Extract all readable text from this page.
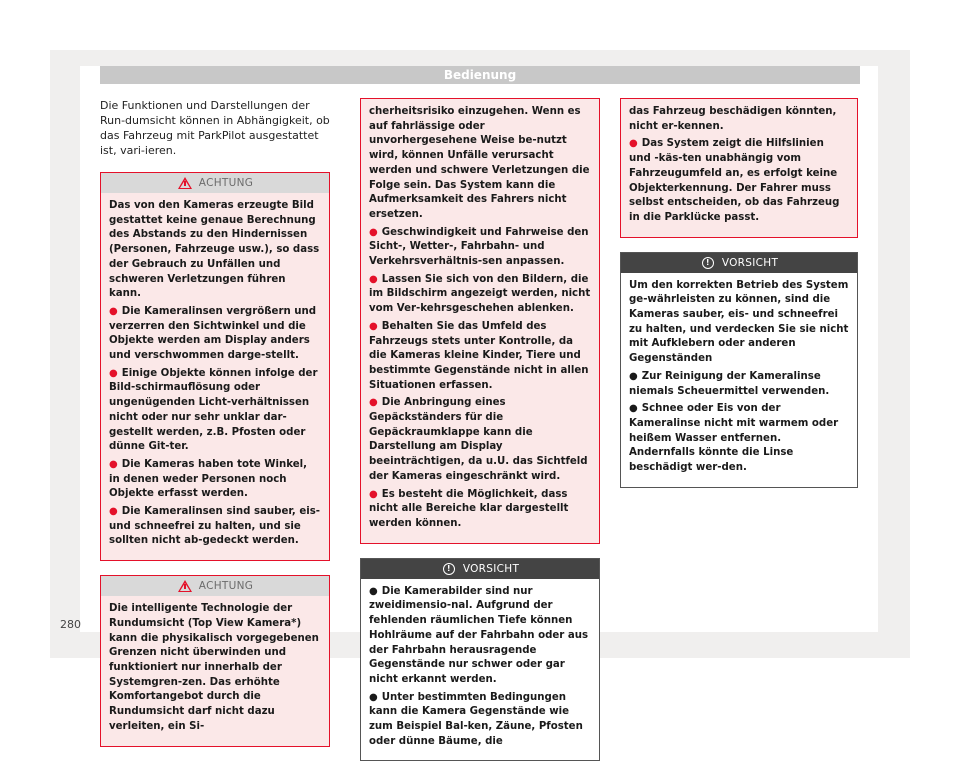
Bedienung

Die Funktionen und Darstellungen der Run-dumsicht können in Abhängigkeit, ob das Fahrzeug mit ParkPilot ausgestattet ist, vari-ieren.

ACHTUNG

Das von den Kameras erzeugte Bild gestattet keine genaue Berechnung des Abstands zu den Hindernissen (Personen, Fahrzeuge usw.), so dass der Gebrauch zu Unfällen und schweren Verletzungen führen kann.

● Die Kameralinsen vergrößern und verzerren den Sichtwinkel und die Objekte werden am Display anders und verschwommen darge-stellt.

● Einige Objekte können infolge der Bild-schirmauflösung oder ungenügenden Licht-verhältnissen nicht oder nur sehr unklar dar-gestellt werden, z.B. Pfosten oder dünne Git-ter.

● Die Kameras haben tote Winkel, in denen weder Personen noch Objekte erfasst werden.

● Die Kameralinsen sind sauber, eis- und schneefrei zu halten, und sie sollten nicht ab-gedeckt werden.

ACHTUNG

Die intelligente Technologie der Rundumsicht (Top View Kamera*) kann die physikalisch vorgegebenen Grenzen nicht überwinden und funktioniert nur innerhalb der Systemgren-zen. Das erhöhte Komfortangebot durch die Rundumsicht darf nicht dazu verleiten, ein Si-

cherheitsrisiko einzugehen. Wenn es auf fahrlässige oder unvorhergesehene Weise be-nutzt wird, können Unfälle verursacht werden und schwere Verletzungen die Folge sein. Das System kann die Aufmerksamkeit des Fahrers nicht ersetzen.

● Geschwindigkeit und Fahrweise den Sicht-, Wetter-, Fahrbahn- und Verkehrsverhältnis-sen anpassen.

● Lassen Sie sich von den Bildern, die im Bildschirm angezeigt werden, nicht vom Ver-kehrsgeschehen ablenken.

● Behalten Sie das Umfeld des Fahrzeugs stets unter Kontrolle, da die Kameras kleine Kinder, Tiere und bestimmte Gegenstände nicht in allen Situationen erfassen.

● Die Anbringung eines Gepäckständers für die Gepäckraumklappe kann die Darstellung am Display beeinträchtigen, da u.U. das Sichtfeld der Kameras eingeschränkt wird.

● Es besteht die Möglichkeit, dass nicht alle Bereiche klar dargestellt werden können.

!	VORSICHT

● Die Kamerabilder sind nur zweidimensio-nal. Aufgrund der fehlenden räumlichen Tiefe können Hohlräume auf der Fahrbahn oder aus der Fahrbahn herausragende Gegenstände nur schwer oder gar nicht erkannt werden.

● Unter bestimmten Bedingungen kann die Kamera Gegenstände wie zum Beispiel Bal-ken, Zäune, Pfosten oder dünne Bäume, die

das Fahrzeug beschädigen könnten, nicht er-kennen.

● Das System zeigt die Hilfslinien und -käs-ten unabhängig vom Fahrzeugumfeld an, es erfolgt keine Objekterkennung. Der Fahrer muss selbst entscheiden, ob das Fahrzeug in die Parklücke passt.

!	VORSICHT

Um den korrekten Betrieb des System ge-währleisten zu können, sind die Kameras sauber, eis- und schneefrei zu halten, und verdecken Sie sie nicht mit Aufklebern oder anderen Gegenständen

● Zur Reinigung der Kameralinse niemals Scheuermittel verwenden.

● Schnee oder Eis von der Kameralinse nicht mit warmem oder heißem Wasser entfernen. Andernfalls könnte die Linse beschädigt wer-den.

280
